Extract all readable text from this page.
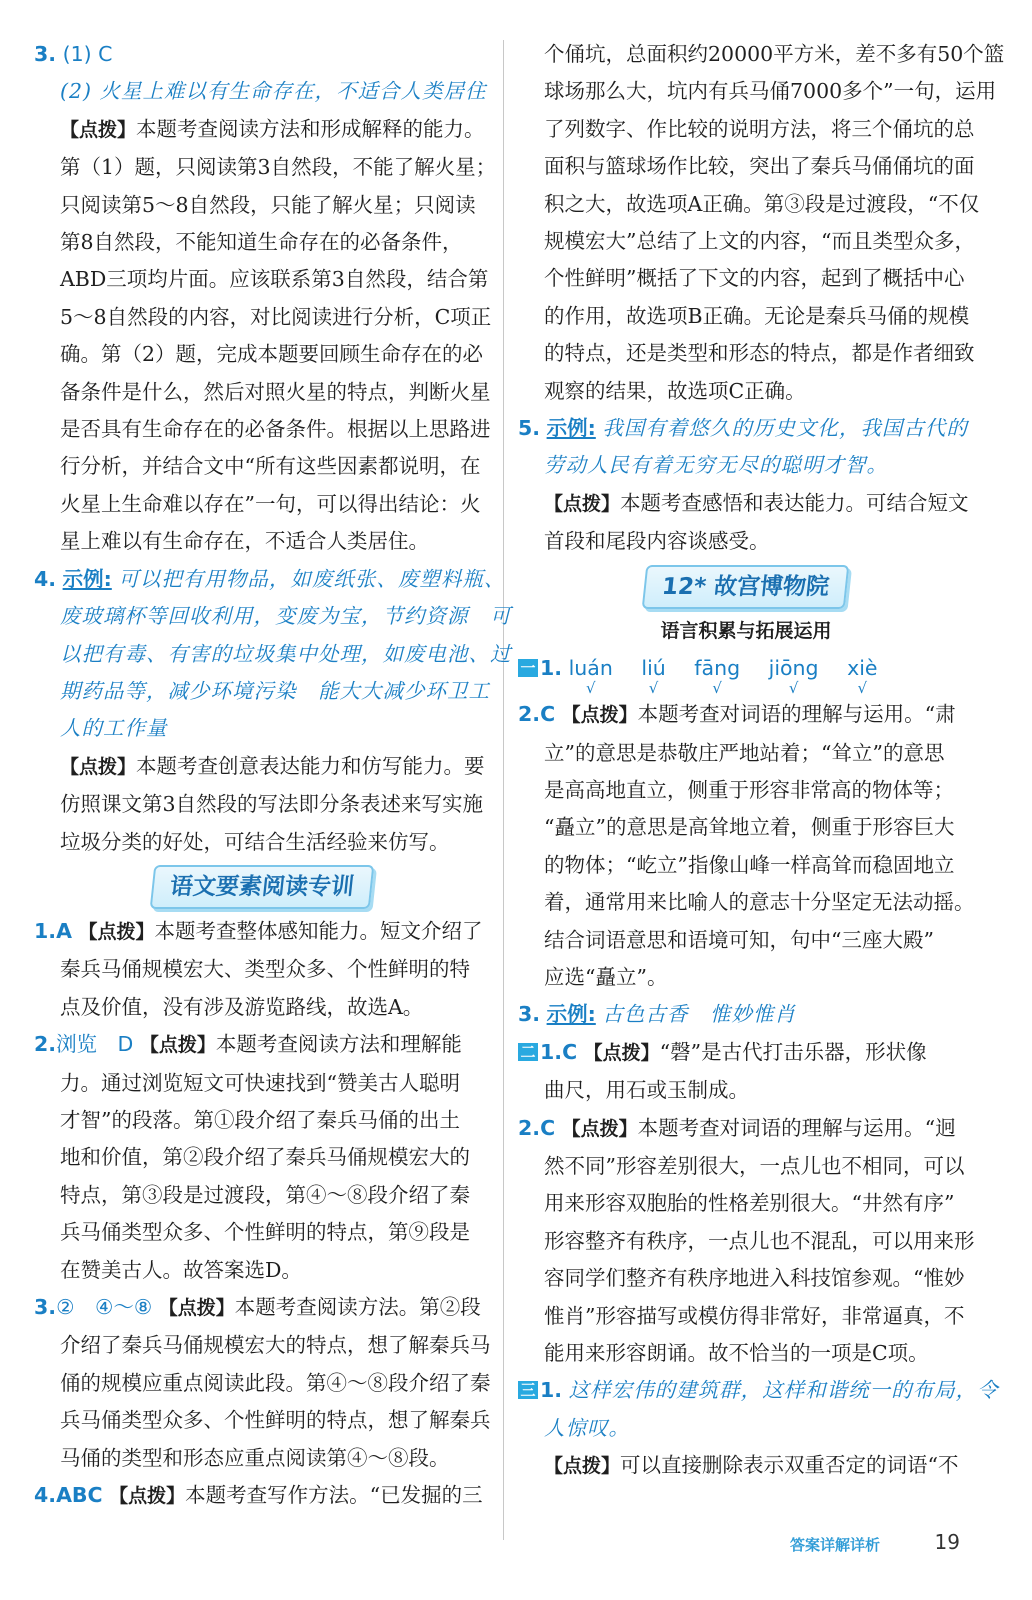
3. (1) C
(2) 火星上难以有生命存在，不适合人类居住
【点拨】本题考查阅读方法和形成解释的能力。
第（1）题，只阅读第3自然段，不能了解火星；
只阅读第5～8自然段，只能了解火星；只阅读
第8自然段，不能知道生命存在的必备条件，
ABD三项均片面。应该联系第3自然段，结合第
5～8自然段的内容，对比阅读进行分析，C项正
确。第（2）题，完成本题要回顾生命存在的必
备条件是什么，然后对照火星的特点，判断火星
是否具有生命存在的必备条件。根据以上思路进
行分析，并结合文中“所有这些因素都说明，在
火星上生命难以存在”一句，可以得出结论：火
星上难以有生命存在，不适合人类居住。
4. 示例: 可以把有用物品，如废纸张、废塑料瓶、
废玻璃杯等回收利用，变废为宝，节约资源　可
以把有毒、有害的垃圾集中处理，如废电池、过
期药品等，减少环境污染　能大大减少环卫工
人的工作量
【点拨】本题考查创意表达能力和仿写能力。要
仿照课文第3自然段的写法即分条表述来写实施
垃圾分类的好处，可结合生活经验来仿写。
语文要素阅读专训
1.A 【点拨】本题考查整体感知能力。短文介绍了
秦兵马俑规模宏大、类型众多、个性鲜明的特
点及价值，没有涉及游览路线，故选A。
2.浏览　D 【点拨】本题考查阅读方法和理解能
力。通过浏览短文可快速找到“赞美古人聪明
才智”的段落。第①段介绍了秦兵马俑的出土
地和价值，第②段介绍了秦兵马俑规模宏大的
特点，第③段是过渡段，第④～⑧段介绍了秦
兵马俑类型众多、个性鲜明的特点，第⑨段是
在赞美古人。故答案选D。
3.②　④～⑧ 【点拨】本题考查阅读方法。第②段
介绍了秦兵马俑规模宏大的特点，想了解秦兵马
俑的规模应重点阅读此段。第④～⑧段介绍了秦
兵马俑类型众多、个性鲜明的特点，想了解秦兵
马俑的类型和形态应重点阅读第④～⑧段。
4.ABC 【点拨】本题考查写作方法。“已发掘的三
个俑坑，总面积约20000平方米，差不多有50个篮
球场那么大，坑内有兵马俑7000多个”一句，运用
了列数字、作比较的说明方法，将三个俑坑的总
面积与篮球场作比较，突出了秦兵马俑俑坑的面
积之大，故选项A正确。第③段是过渡段，“不仅
规模宏大”总结了上文的内容，“而且类型众多，
个性鲜明”概括了下文的内容，起到了概括中心
的作用，故选项B正确。无论是秦兵马俑的规模
的特点，还是类型和形态的特点，都是作者细致
观察的结果，故选项C正确。
5. 示例: 我国有着悠久的历史文化，我国古代的
劳动人民有着无穷无尽的聪明才智。
【点拨】本题考查感悟和表达能力。可结合短文
首段和尾段内容谈感受。
12* 故宫博物院
语言积累与拓展运用
一 1. luán
√
liú
√
fāng
√
jiōng
√
xiè
√
2.C 【点拨】本题考查对词语的理解与运用。“肃
立”的意思是恭敬庄严地站着；“耸立”的意思
是高高地直立，侧重于形容非常高的物体等；
“矗立”的意思是高耸地立着，侧重于形容巨大
的物体；“屹立”指像山峰一样高耸而稳固地立
着，通常用来比喻人的意志十分坚定无法动摇。
结合词语意思和语境可知，句中“三座大殿”
应选“矗立”。
3. 示例: 古色古香　惟妙惟肖
二 1.C 【点拨】“磬”是古代打击乐器，形状像
曲尺，用石或玉制成。
2.C 【点拨】本题考查对词语的理解与运用。“迥
然不同”形容差别很大，一点儿也不相同，可以
用来形容双胞胎的性格差别很大。“井然有序”
形容整齐有秩序，一点儿也不混乱，可以用来形
容同学们整齐有秩序地进入科技馆参观。“惟妙
惟肖”形容描写或模仿得非常好，非常逼真，不
能用来形容朗诵。故不恰当的一项是C项。
三 1. 这样宏伟的建筑群，这样和谐统一的布局，令
人惊叹。
【点拨】可以直接删除表示双重否定的词语“不
答案详解详析	19
